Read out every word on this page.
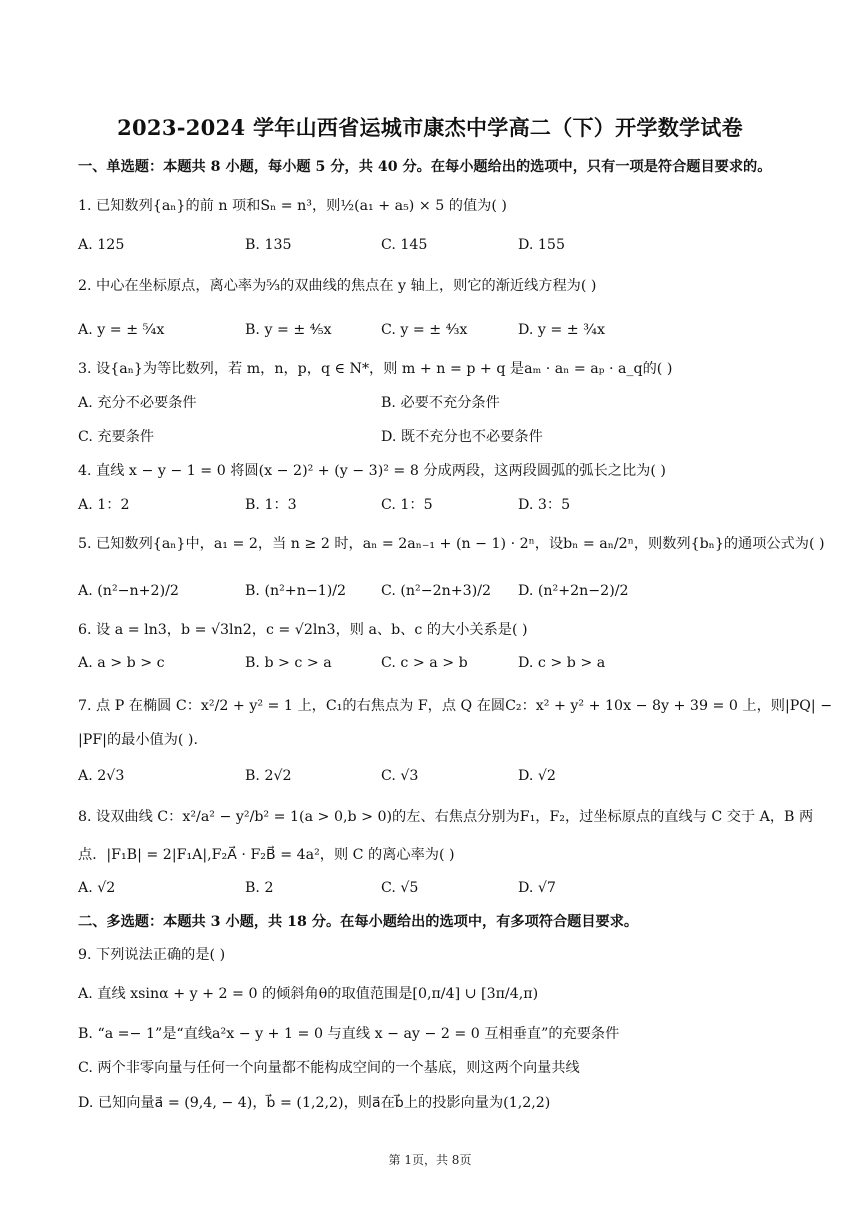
2023-2024 学年山西省运城市康杰中学高二（下）开学数学试卷
一、单选题：本题共 8 小题，每小题 5 分，共 40 分。在每小题给出的选项中，只有一项是符合题目要求的。
1. 已知数列{aₙ}的前 n 项和Sₙ = n³，则½(a₁ + a₅) × 5 的值为( )
A. 125	B. 135	C. 145	D. 155
2. 中心在坐标原点，离心率为⁵⁄₃的双曲线的焦点在 y 轴上，则它的渐近线方程为( )
A. y = ± ⁵⁄₄x	B. y = ± ⁴⁄₅x	C. y = ± ⁴⁄₃x	D. y = ± ¾x
3. 设{aₙ}为等比数列，若 m，n，p，q ∈ N*，则 m + n = p + q 是aₘ · aₙ = aₚ · a_q的( )
A. 充分不必要条件	B. 必要不充分条件
C. 充要条件	D. 既不充分也不必要条件
4. 直线 x − y − 1 = 0 将圆(x − 2)² + (y − 3)² = 8 分成两段，这两段圆弧的弧长之比为( )
A. 1：2	B. 1：3	C. 1：5	D. 3：5
5. 已知数列{aₙ}中，a₁ = 2，当 n ≥ 2 时，aₙ = 2aₙ₋₁ + (n − 1) · 2ⁿ，设bₙ = aₙ/2ⁿ，则数列{bₙ}的通项公式为( )
A. (n²−n+2)/2	B. (n²+n−1)/2 C. (n²−2n+3)/2 D. (n²+2n−2)/2
6. 设 a = ln3，b = √3ln2，c = √2ln3，则 a、b、c 的大小关系是( )
A. a > b > c	B. b > c > a	C. c > a > b	D. c > b > a
7. 点 P 在椭圆 C：x²/2 + y² = 1 上，C₁的右焦点为 F，点 Q 在圆C₂：x² + y² + 10x − 8y + 39 = 0 上，则|PQ| −
|PF|的最小值为( ).
A. 2√3	B. 2√2	C. √3	D. √2
8. 设双曲线 C：x²/a² − y²/b² = 1(a > 0,b > 0)的左、右焦点分别为F₁，F₂，过坐标原点的直线与 C 交于 A，B 两
点．|F₁B| = 2|F₁A|,F₂A⃗ · F₂B⃗ = 4a²，则 C 的离心率为( )
A. √2	B. 2	C. √5	D. √7
二、多选题：本题共 3 小题，共 18 分。在每小题给出的选项中，有多项符合题目要求。
9. 下列说法正确的是( )
A. 直线 xsinα + y + 2 = 0 的倾斜角θ的取值范围是[0,π/4] ∪ [3π/4,π)
B. “a =− 1”是“直线a²x − y + 1 = 0 与直线 x − ay − 2 = 0 互相垂直”的充要条件
C. 两个非零向量与任何一个向量都不能构成空间的一个基底，则这两个向量共线
D. 已知向量a⃗ = (9,4, − 4)，b⃗ = (1,2,2)，则a⃗在b⃗上的投影向量为(1,2,2)
第 1页，共 8页
